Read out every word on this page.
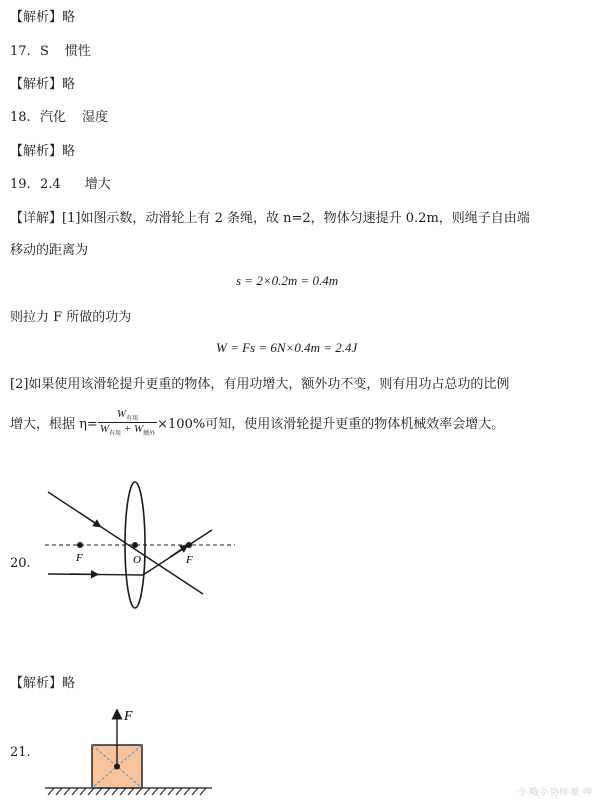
【解析】略
17. S 惯性
【解析】略
18. 汽化 湿度
【解析】略
19. 2.4 增大
【详解】[1]如图示数，动滑轮上有 2 条绳，故 n=2，物体匀速提升 0.2m，则绳子自由端
移动的距离为
s = 2×0.2m = 0.4m
则拉力 F 所做的功为
W = Fs = 6N×0.4m = 2.4J
[2]如果使用该滑轮提升更重的物体，有用功增大，额外功不变，则有用功占总功的比例
增大，根据 $\eta= \frac{W_{有用}}{W_{有用} + W_{额外}} \times 100\%$可知，使用该滑轮提升更重的物体机械效率会增大。
20.	F	O	F
【解析】略
21.
F
·令·哦今·协师·呲·呷
